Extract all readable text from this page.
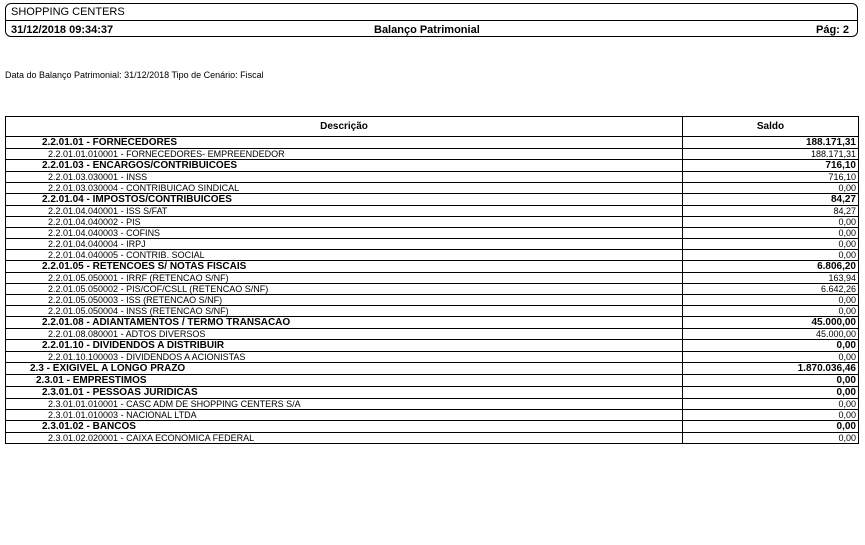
SHOPPING CENTERS
31/12/2018 09:34:37	Balanço Patrimonial	Pág: 2
Data do Balanço Patrimonial: 31/12/2018 Tipo de Cenário: Fiscal
Descrição	Saldo
2.2.01.01 - FORNECEDORES	188.171,31
2.2.01.01.010001 - FORNECEDORES- EMPREENDEDOR	188.171,31
2.2.01.03 - ENCARGOS/CONTRIBUICOES	716,10
2.2.01.03.030001 - INSS	716,10
2.2.01.03.030004 - CONTRIBUICAO SINDICAL	0,00
2.2.01.04 - IMPOSTOS/CONTRIBUICOES	84,27
2.2.01.04.040001 - ISS S/FAT	84,27
2.2.01.04.040002 - PIS	0,00
2.2.01.04.040003 - COFINS	0,00
2.2.01.04.040004 - IRPJ	0,00
2.2.01.04.040005 - CONTRIB. SOCIAL	0,00
2.2.01.05 - RETENCOES S/ NOTAS FISCAIS	6.806,20
2.2.01.05.050001 - IRRF (RETENCAO S/NF)	163,94
2.2.01.05.050002 - PIS/COF/CSLL (RETENCAO S/NF)	6.642,26
2.2.01.05.050003 - ISS (RETENCAO S/NF)	0,00
2.2.01.05.050004 - INSS (RETENCAO S/NF)	0,00
2.2.01.08 - ADIANTAMENTOS / TERMO TRANSACAO	45.000,00
2.2.01.08.080001 - ADTOS DIVERSOS	45.000,00
2.2.01.10 - DIVIDENDOS A DISTRIBUIR	0,00
2.2.01.10.100003 - DIVIDENDOS A ACIONISTAS	0,00
2.3 - EXIGIVEL A LONGO PRAZO	1.870.036,46
2.3.01 - EMPRESTIMOS	0,00
2.3.01.01 - PESSOAS JURIDICAS	0,00
2.3.01.01.010001 - CASC ADM DE SHOPPING CENTERS S/A	0,00
2.3.01.01.010003 - NACIONAL LTDA	0,00
2.3.01.02 - BANCOS	0,00
2.3.01.02.020001 - CAIXA ECONOMICA FEDERAL	0,00
